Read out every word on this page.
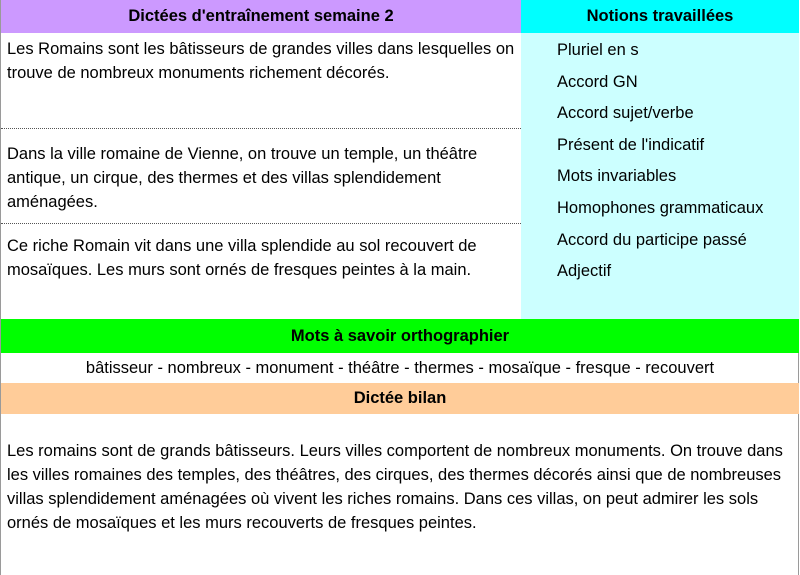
Dictées d'entraînement semaine 2
Les Romains sont les bâtisseurs de grandes villes dans lesquelles on trouve de nombreux monuments richement décorés.
Dans la ville romaine de Vienne, on trouve un temple, un théâtre antique, un cirque, des thermes et des villas splendidement aménagées.
Ce riche Romain vit dans une villa splendide au sol recouvert de mosaïques. Les murs sont ornés de fresques peintes à la main.
Notions travaillées
Pluriel en s
Accord GN
Accord sujet/verbe
Présent de l'indicatif
Mots invariables
Homophones grammaticaux
Accord du participe passé
Adjectif
Mots à savoir orthographier
bâtisseur - nombreux - monument - théâtre - thermes - mosaïque - fresque - recouvert
Dictée bilan
Les romains sont de grands bâtisseurs. Leurs villes comportent de nombreux monuments. On trouve dans les villes romaines des temples, des théâtres, des cirques, des thermes décorés ainsi que de nombreuses villas splendidement aménagées où vivent les riches romains. Dans ces villas, on peut admirer les sols ornés de mosaïques et les murs recouverts de fresques peintes.
